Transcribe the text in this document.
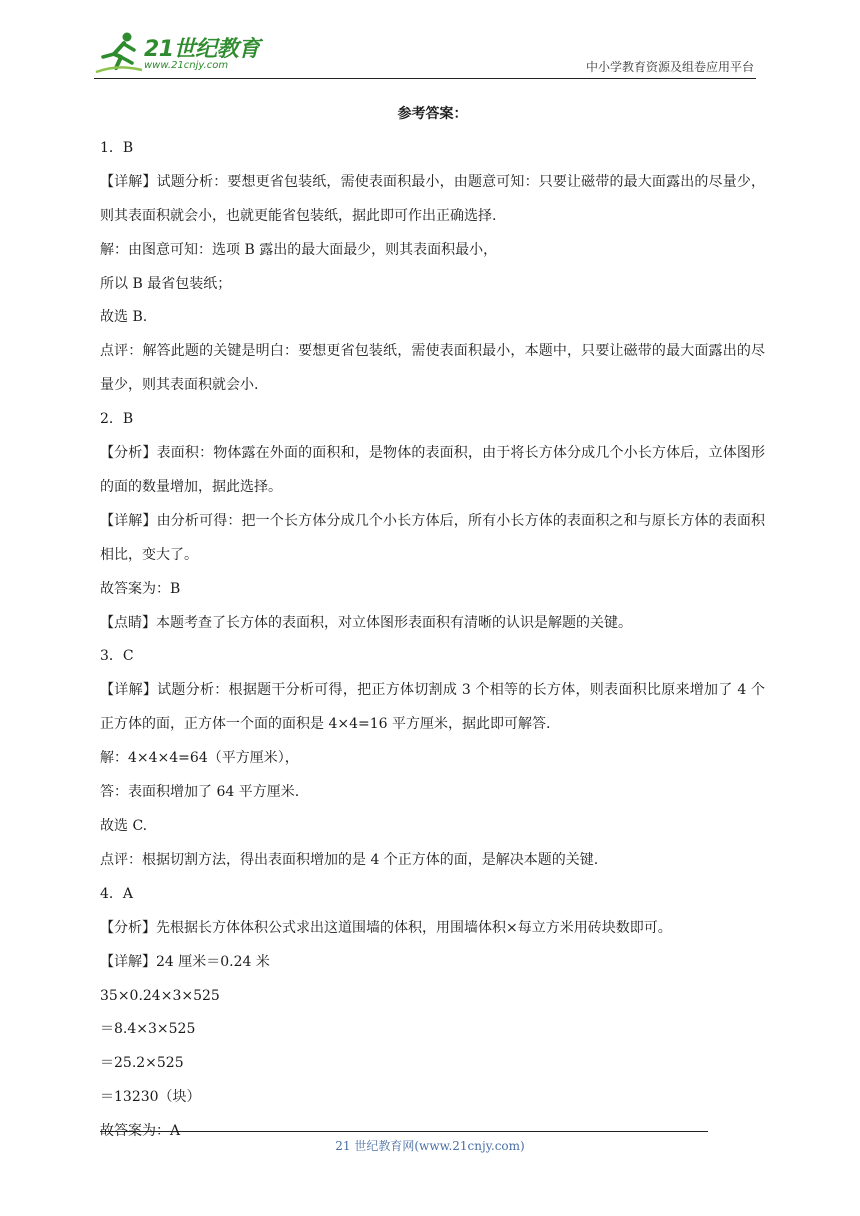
21世纪教育
www.21cnjy.com	中小学教育资源及组卷应用平台
参考答案：

1．B

【详解】试题分析：要想更省包装纸，需使表面积最小，由题意可知：只要让磁带的最大面露出的尽量少，则其表面积就会小，也就更能省包装纸，据此即可作出正确选择.

解：由图意可知：选项 B 露出的最大面最少，则其表面积最小，

所以 B 最省包装纸；

故选 B.

点评：解答此题的关键是明白：要想更省包装纸，需使表面积最小，本题中，只要让磁带的最大面露出的尽量少，则其表面积就会小.

2．B

【分析】表面积：物体露在外面的面积和，是物体的表面积，由于将长方体分成几个小长方体后，立体图形的面的数量增加，据此选择。

【详解】由分析可得：把一个长方体分成几个小长方体后，所有小长方体的表面积之和与原长方体的表面积相比，变大了。

故答案为：B

【点睛】本题考查了长方体的表面积，对立体图形表面积有清晰的认识是解题的关键。

3．C

【详解】试题分析：根据题干分析可得，把正方体切割成 3 个相等的长方体，则表面积比原来增加了 4 个正方体的面，正方体一个面的面积是 4×4=16 平方厘米，据此即可解答.

解：4×4×4=64（平方厘米），

答：表面积增加了 64 平方厘米.

故选 C.

点评：根据切割方法，得出表面积增加的是 4 个正方体的面，是解决本题的关键.

4．A

【分析】先根据长方体体积公式求出这道围墙的体积，用围墙体积×每立方米用砖块数即可。

【详解】24 厘米＝0.24 米

35×0.24×3×525

＝8.4×3×525

＝25.2×525

＝13230（块）

故答案为：A

21 世纪教育网(www.21cnjy.com)
